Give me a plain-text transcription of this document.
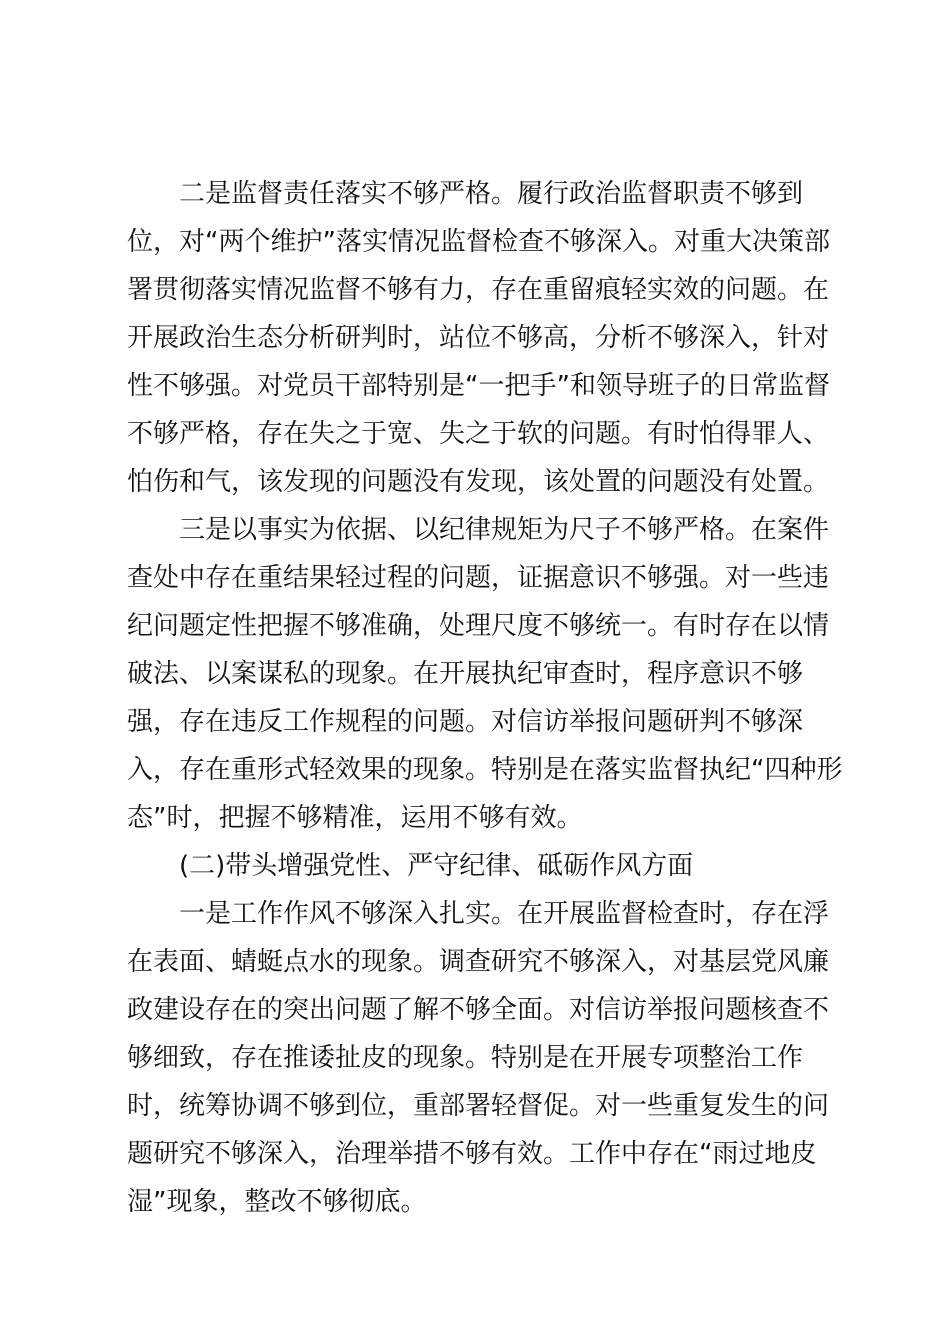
二是监督责任落实不够严格。履行政治监督职责不够到
位，对“两个维护”落实情况监督检查不够深入。对重大决策部
署贯彻落实情况监督不够有力，存在重留痕轻实效的问题。在
开展政治生态分析研判时，站位不够高，分析不够深入，针对
性不够强。对党员干部特别是“一把手”和领导班子的日常监督
不够严格，存在失之于宽、失之于软的问题。有时怕得罪人、
怕伤和气，该发现的问题没有发现，该处置的问题没有处置。
三是以事实为依据、以纪律规矩为尺子不够严格。在案件
查处中存在重结果轻过程的问题，证据意识不够强。对一些违
纪问题定性把握不够准确，处理尺度不够统一。有时存在以情
破法、以案谋私的现象。在开展执纪审查时，程序意识不够
强，存在违反工作规程的问题。对信访举报问题研判不够深
入，存在重形式轻效果的现象。特别是在落实监督执纪“四种形
态”时，把握不够精准，运用不够有效。
(二)带头增强党性、严守纪律、砥砺作风方面
一是工作作风不够深入扎实。在开展监督检查时，存在浮
在表面、蜻蜓点水的现象。调查研究不够深入，对基层党风廉
政建设存在的突出问题了解不够全面。对信访举报问题核查不
够细致，存在推诿扯皮的现象。特别是在开展专项整治工作
时，统筹协调不够到位，重部署轻督促。对一些重复发生的问
题研究不够深入，治理举措不够有效。工作中存在“雨过地皮
湿”现象，整改不够彻底。
